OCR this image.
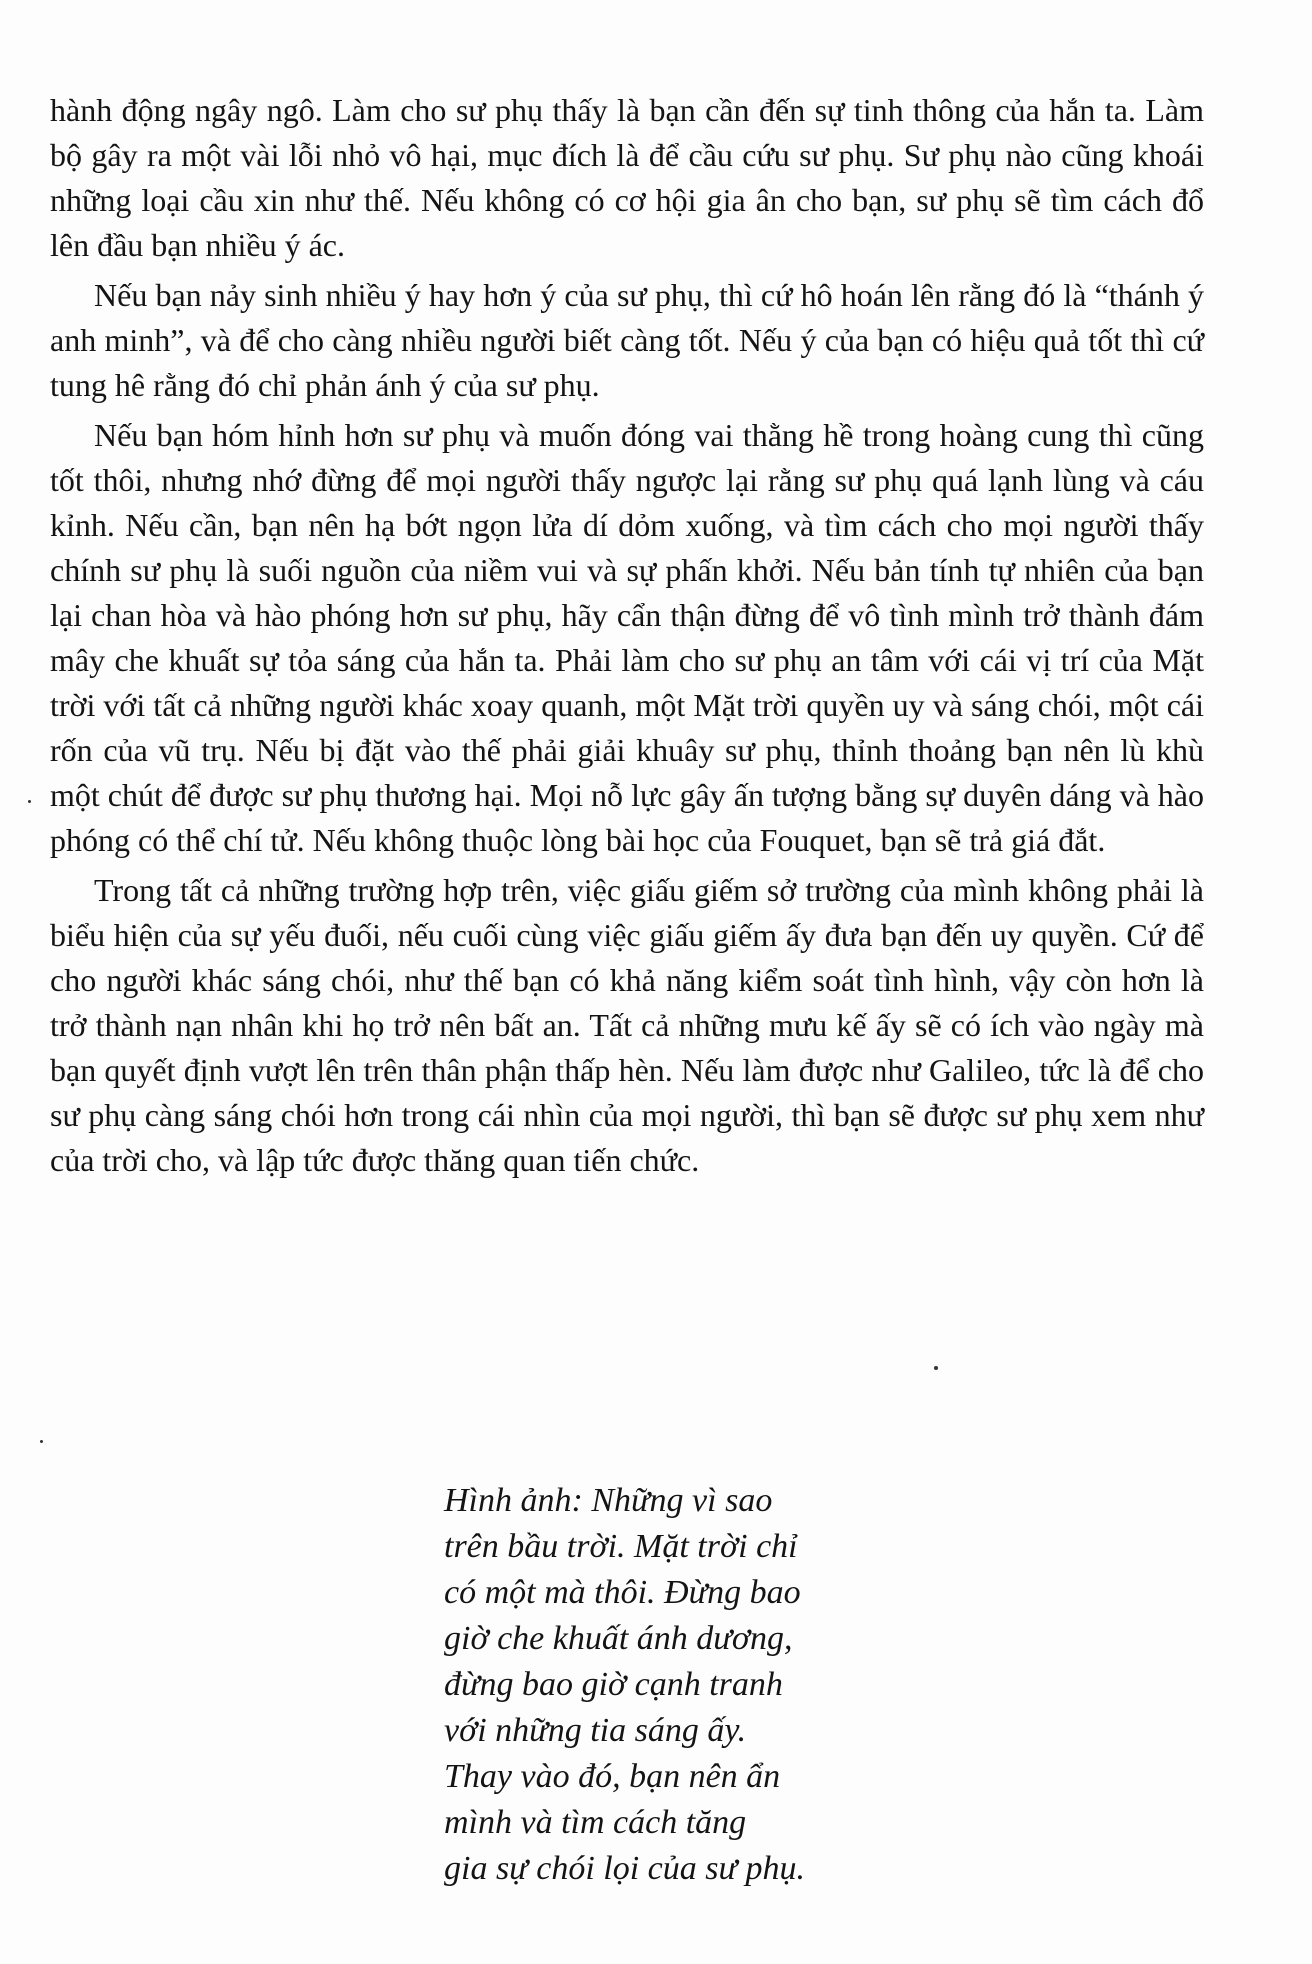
hành động ngây ngô. Làm cho sư phụ thấy là bạn cần đến sự tinh thông của hắn ta. Làm bộ gây ra một vài lỗi nhỏ vô hại, mục đích là để cầu cứu sư phụ. Sư phụ nào cũng khoái những loại cầu xin như thế. Nếu không có cơ hội gia ân cho bạn, sư phụ sẽ tìm cách đổ lên đầu bạn nhiều ý ác.

Nếu bạn nảy sinh nhiều ý hay hơn ý của sư phụ, thì cứ hô hoán lên rằng đó là “thánh ý anh minh”, và để cho càng nhiều người biết càng tốt. Nếu ý của bạn có hiệu quả tốt thì cứ tung hê rằng đó chỉ phản ánh ý của sư phụ.

Nếu bạn hóm hỉnh hơn sư phụ và muốn đóng vai thằng hề trong hoàng cung thì cũng tốt thôi, nhưng nhớ đừng để mọi người thấy ngược lại rằng sư phụ quá lạnh lùng và cáu kỉnh. Nếu cần, bạn nên hạ bớt ngọn lửa dí dỏm xuống, và tìm cách cho mọi người thấy chính sư phụ là suối nguồn của niềm vui và sự phấn khởi. Nếu bản tính tự nhiên của bạn lại chan hòa và hào phóng hơn sư phụ, hãy cẩn thận đừng để vô tình mình trở thành đám mây che khuất sự tỏa sáng của hắn ta. Phải làm cho sư phụ an tâm với cái vị trí của Mặt trời với tất cả những người khác xoay quanh, một Mặt trời quyền uy và sáng chói, một cái rốn của vũ trụ. Nếu bị đặt vào thế phải giải khuây sư phụ, thỉnh thoảng bạn nên lù khù một chút để được sư phụ thương hại. Mọi nỗ lực gây ấn tượng bằng sự duyên dáng và hào phóng có thể chí tử. Nếu không thuộc lòng bài học của Fouquet, bạn sẽ trả giá đắt.

Trong tất cả những trường hợp trên, việc giấu giếm sở trường của mình không phải là biểu hiện của sự yếu đuối, nếu cuối cùng việc giấu giếm ấy đưa bạn đến uy quyền. Cứ để cho người khác sáng chói, như thế bạn có khả năng kiểm soát tình hình, vậy còn hơn là trở thành nạn nhân khi họ trở nên bất an. Tất cả những mưu kế ấy sẽ có ích vào ngày mà bạn quyết định vượt lên trên thân phận thấp hèn. Nếu làm được như Galileo, tức là để cho sư phụ càng sáng chói hơn trong cái nhìn của mọi người, thì bạn sẽ được sư phụ xem như của trời cho, và lập tức được thăng quan tiến chức.

Hình ảnh: Những vì sao
trên bầu trời. Mặt trời chỉ
có một mà thôi. Đừng bao
giờ che khuất ánh dương,
đừng bao giờ cạnh tranh
với những tia sáng ấy.
Thay vào đó, bạn nên ẩn
mình và tìm cách tăng
gia sự chói lọi của sư phụ.
